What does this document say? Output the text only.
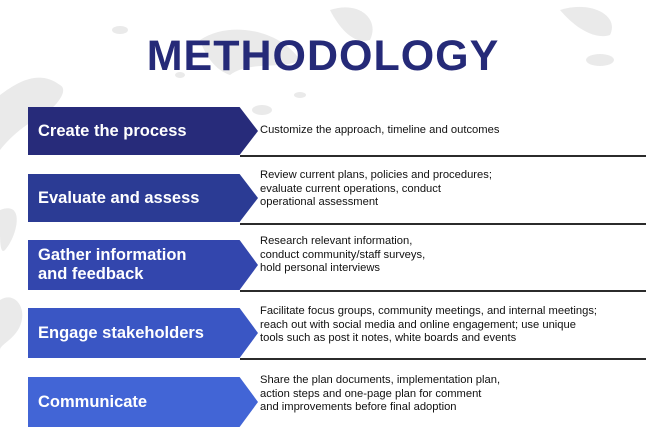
METHODOLOGY
Create the process	Customize the approach, timeline and outcomes
Evaluate and assess
Review current plans, policies and procedures;
evaluate current operations, conduct
operational assessment
Gather information
and feedback
Research relevant information,
conduct community/staff surveys,
hold personal interviews
Engage stakeholders
Facilitate focus groups, community meetings, and internal meetings;
reach out with social media and online engagement; use unique
tools such as post it notes, white boards and events
Communicate
Share the plan documents, implementation plan,
action steps and one-page plan for comment
and improvements before final adoption
